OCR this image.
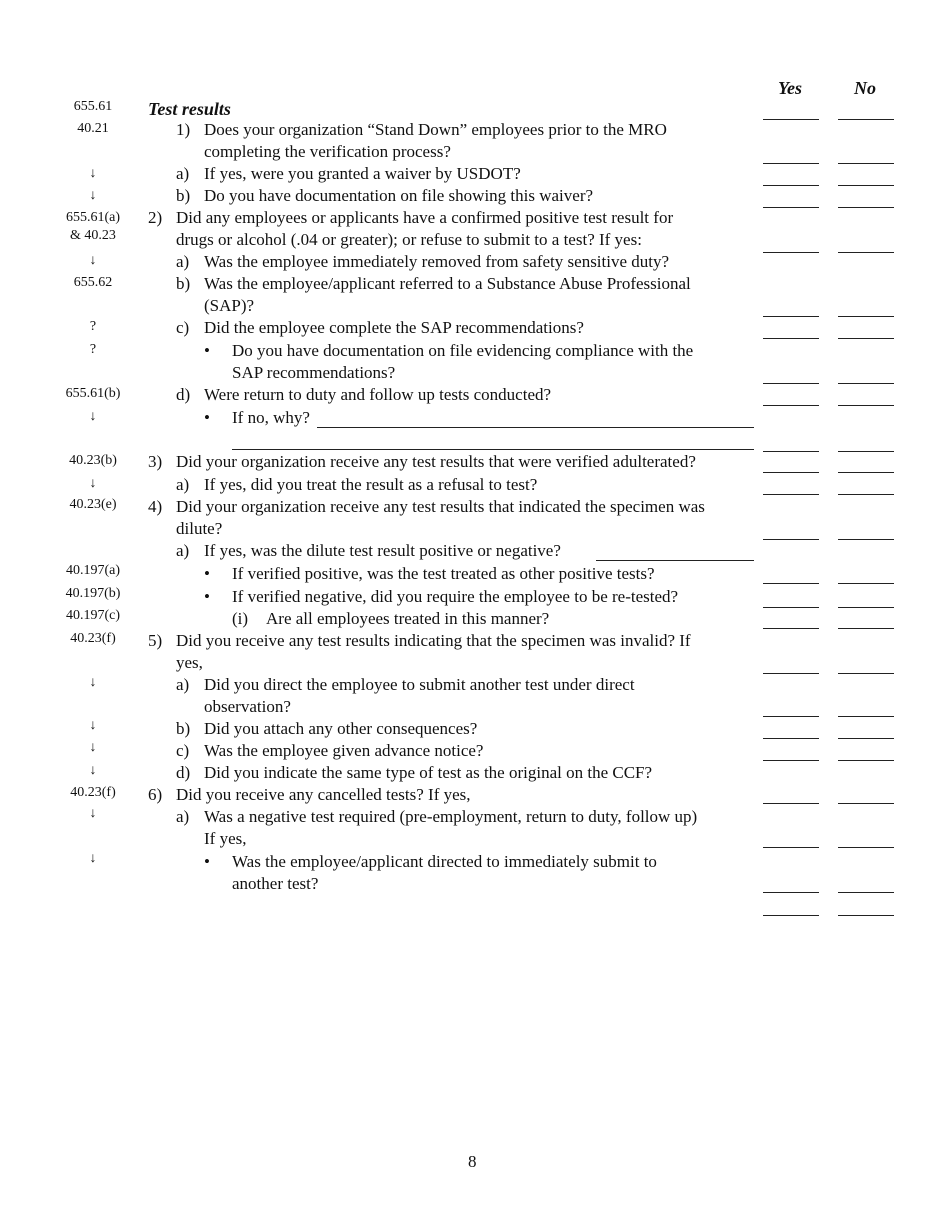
Yes	No
Test results
655.61
40.21
↓
↓
655.61(a)
& 40.23
↓
655.62
?
?
655.61(b)
↓
40.23(b)
↓
40.23(e)
40.197(a)
40.197(b)
40.197(c)
40.23(f)
↓
↓
↓
↓
40.23(f)
↓
↓
1) Does your organization “Stand Down” employees prior to the MRO
completing the verification process?
a) If yes, were you granted a waiver by USDOT?
b) Do you have documentation on file showing this waiver?
2) Did any employees or applicants have a confirmed positive test result for
drugs or alcohol (.04 or greater); or refuse to submit to a test? If yes:
a) Was the employee immediately removed from safety sensitive duty?
b) Was the employee/applicant referred to a Substance Abuse Professional
(SAP)?
c) Did the employee complete the SAP recommendations?
• Do you have documentation on file evidencing compliance with the
SAP recommendations?
d) Were return to duty and follow up tests conducted?
• If no, why?
3) Did your organization receive any test results that were verified adulterated?
a) If yes, did you treat the result as a refusal to test?
4) Did your organization receive any test results that indicated the specimen was
dilute?
a) If yes, was the dilute test result positive or negative?
• If verified positive, was the test treated as other positive tests?
• If verified negative, did you require the employee to be re-tested?
(i) Are all employees treated in this manner?
5) Did you receive any test results indicating that the specimen was invalid? If
yes,
a) Did you direct the employee to submit another test under direct
observation?
b) Did you attach any other consequences?
c) Was the employee given advance notice?
d) Did you indicate the same type of test as the original on the CCF?
6) Did you receive any cancelled tests? If yes,
a) Was a negative test required (pre-employment, return to duty, follow up)
If yes,
• Was the employee/applicant directed to immediately submit to
another test?
8
